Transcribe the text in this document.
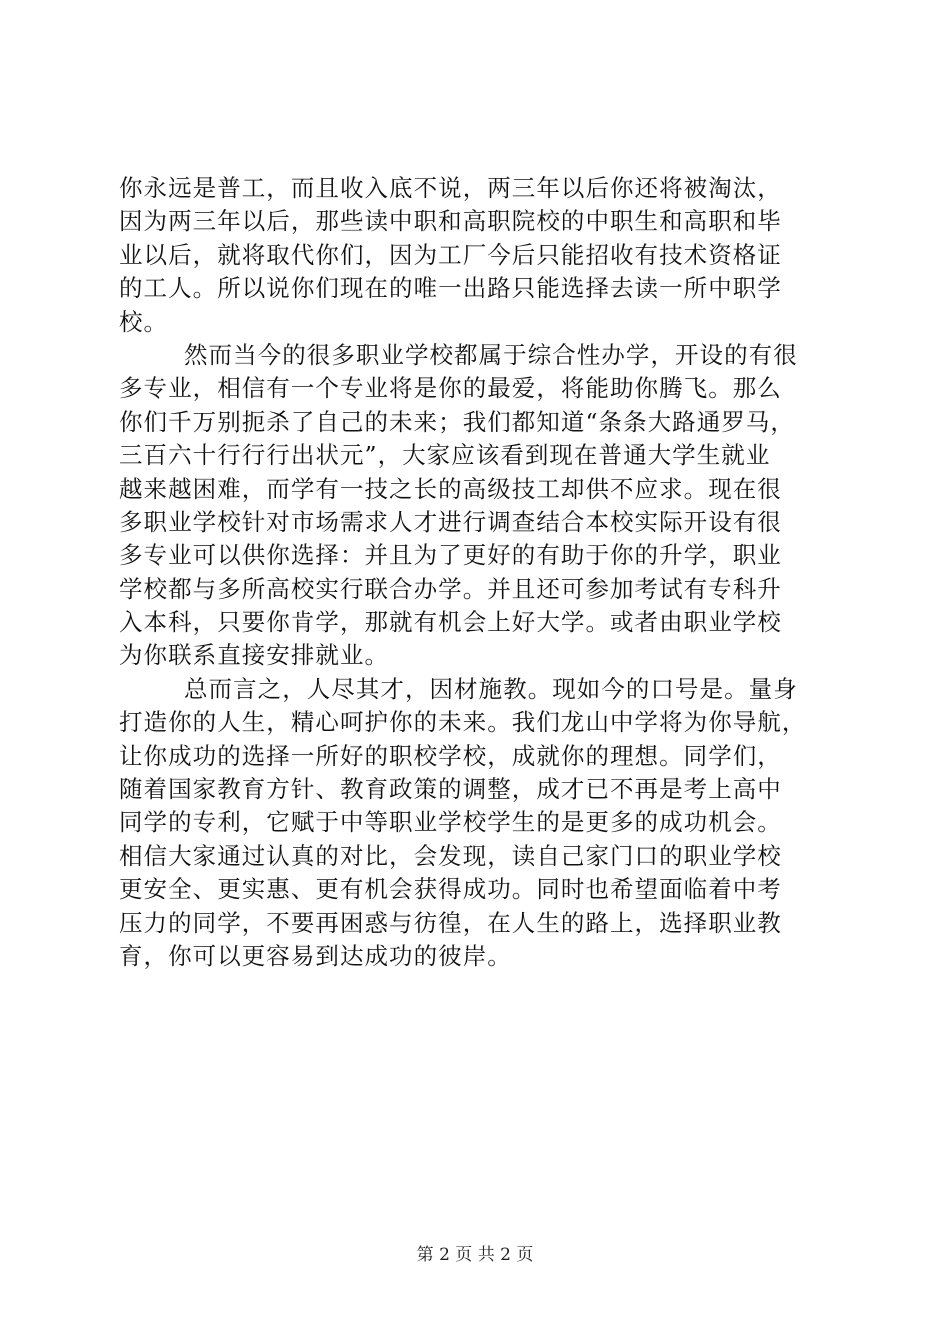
你永远是普工，而且收入底不说，两三年以后你还将被淘汰，
因为两三年以后，那些读中职和高职院校的中职生和高职和毕
业以后，就将取代你们，因为工厂今后只能招收有技术资格证
的工人。所以说你们现在的唯一出路只能选择去读一所中职学
校。
然而当今的很多职业学校都属于综合性办学，开设的有很
多专业，相信有一个专业将是你的最爱，将能助你腾飞。那么
你们千万别扼杀了自己的未来；我们都知道“条条大路通罗马，
三百六十行行行出状元”，大家应该看到现在普通大学生就业
越来越困难，而学有一技之长的高级技工却供不应求。现在很
多职业学校针对市场需求人才进行调查结合本校实际开设有很
多专业可以供你选择：并且为了更好的有助于你的升学，职业
学校都与多所高校实行联合办学。并且还可参加考试有专科升
入本科，只要你肯学，那就有机会上好大学。或者由职业学校
为你联系直接安排就业。
总而言之，人尽其才，因材施教。现如今的口号是。量身
打造你的人生，精心呵护你的未来。我们龙山中学将为你导航，
让你成功的选择一所好的职校学校，成就你的理想。同学们，
随着国家教育方针、教育政策的调整，成才已不再是考上高中
同学的专利，它赋于中等职业学校学生的是更多的成功机会。
相信大家通过认真的对比，会发现，读自己家门口的职业学校
更安全、更实惠、更有机会获得成功。同时也希望面临着中考
压力的同学，不要再困惑与彷徨，在人生的路上，选择职业教
育，你可以更容易到达成功的彼岸。
第 2 页 共 2 页
